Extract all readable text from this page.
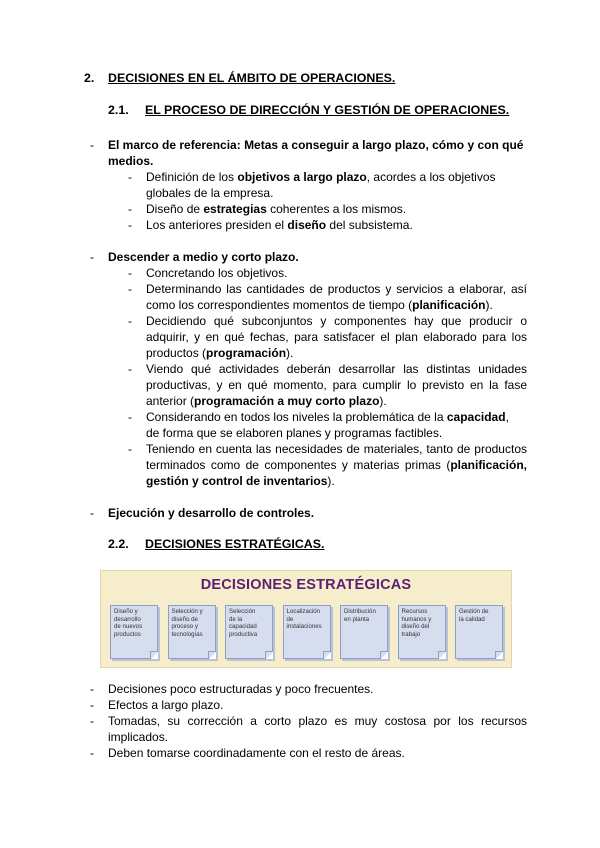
2. DECISIONES EN EL ÁMBITO DE OPERACIONES.
2.1. EL PROCESO DE DIRECCIÓN Y GESTIÓN DE OPERACIONES.
- El marco de referencia: Metas a conseguir a largo plazo, cómo y con qué
medios.
- Definición de los objetivos a largo plazo, acordes a los objetivos
globales de la empresa.
- Diseño de estrategias coherentes a los mismos.
- Los anteriores presiden el diseño del subsistema.
- Descender a medio y corto plazo.
- Concretando los objetivos.
- Determinando las cantidades de productos y servicios a elaborar, así
como los correspondientes momentos de tiempo (planificación).
- Decidiendo qué subconjuntos y componentes hay que producir o
adquirir, y en qué fechas, para satisfacer el plan elaborado para los
productos (programación).
- Viendo qué actividades deberán desarrollar las distintas unidades
productivas, y en qué momento, para cumplir lo previsto en la fase
anterior (programación a muy corto plazo).
- Considerando en todos los niveles la problemática de la capacidad,
de forma que se elaboren planes y programas factibles.
- Teniendo en cuenta las necesidades de materiales, tanto de productos
terminados como de componentes y materias primas (planificación,
gestión y control de inventarios).
- Ejecución y desarrollo de controles.
2.2. DECISIONES ESTRATÉGICAS.
DECISIONES ESTRATÉGICAS
Diseño y
desarrollo
de nuevos
productos
Selección y
diseño de
proceso y
tecnologías
Selección
de la
capacidad
productiva
Localización
de
instalaciones
Distribución
en planta
Recursos
humanos y
diseño del
trabajo
Gestión de
la calidad
- Decisiones poco estructuradas y poco frecuentes.
- Efectos a largo plazo.
- Tomadas, su corrección a corto plazo es muy costosa por los recursos
implicados.
- Deben tomarse coordinadamente con el resto de áreas.
